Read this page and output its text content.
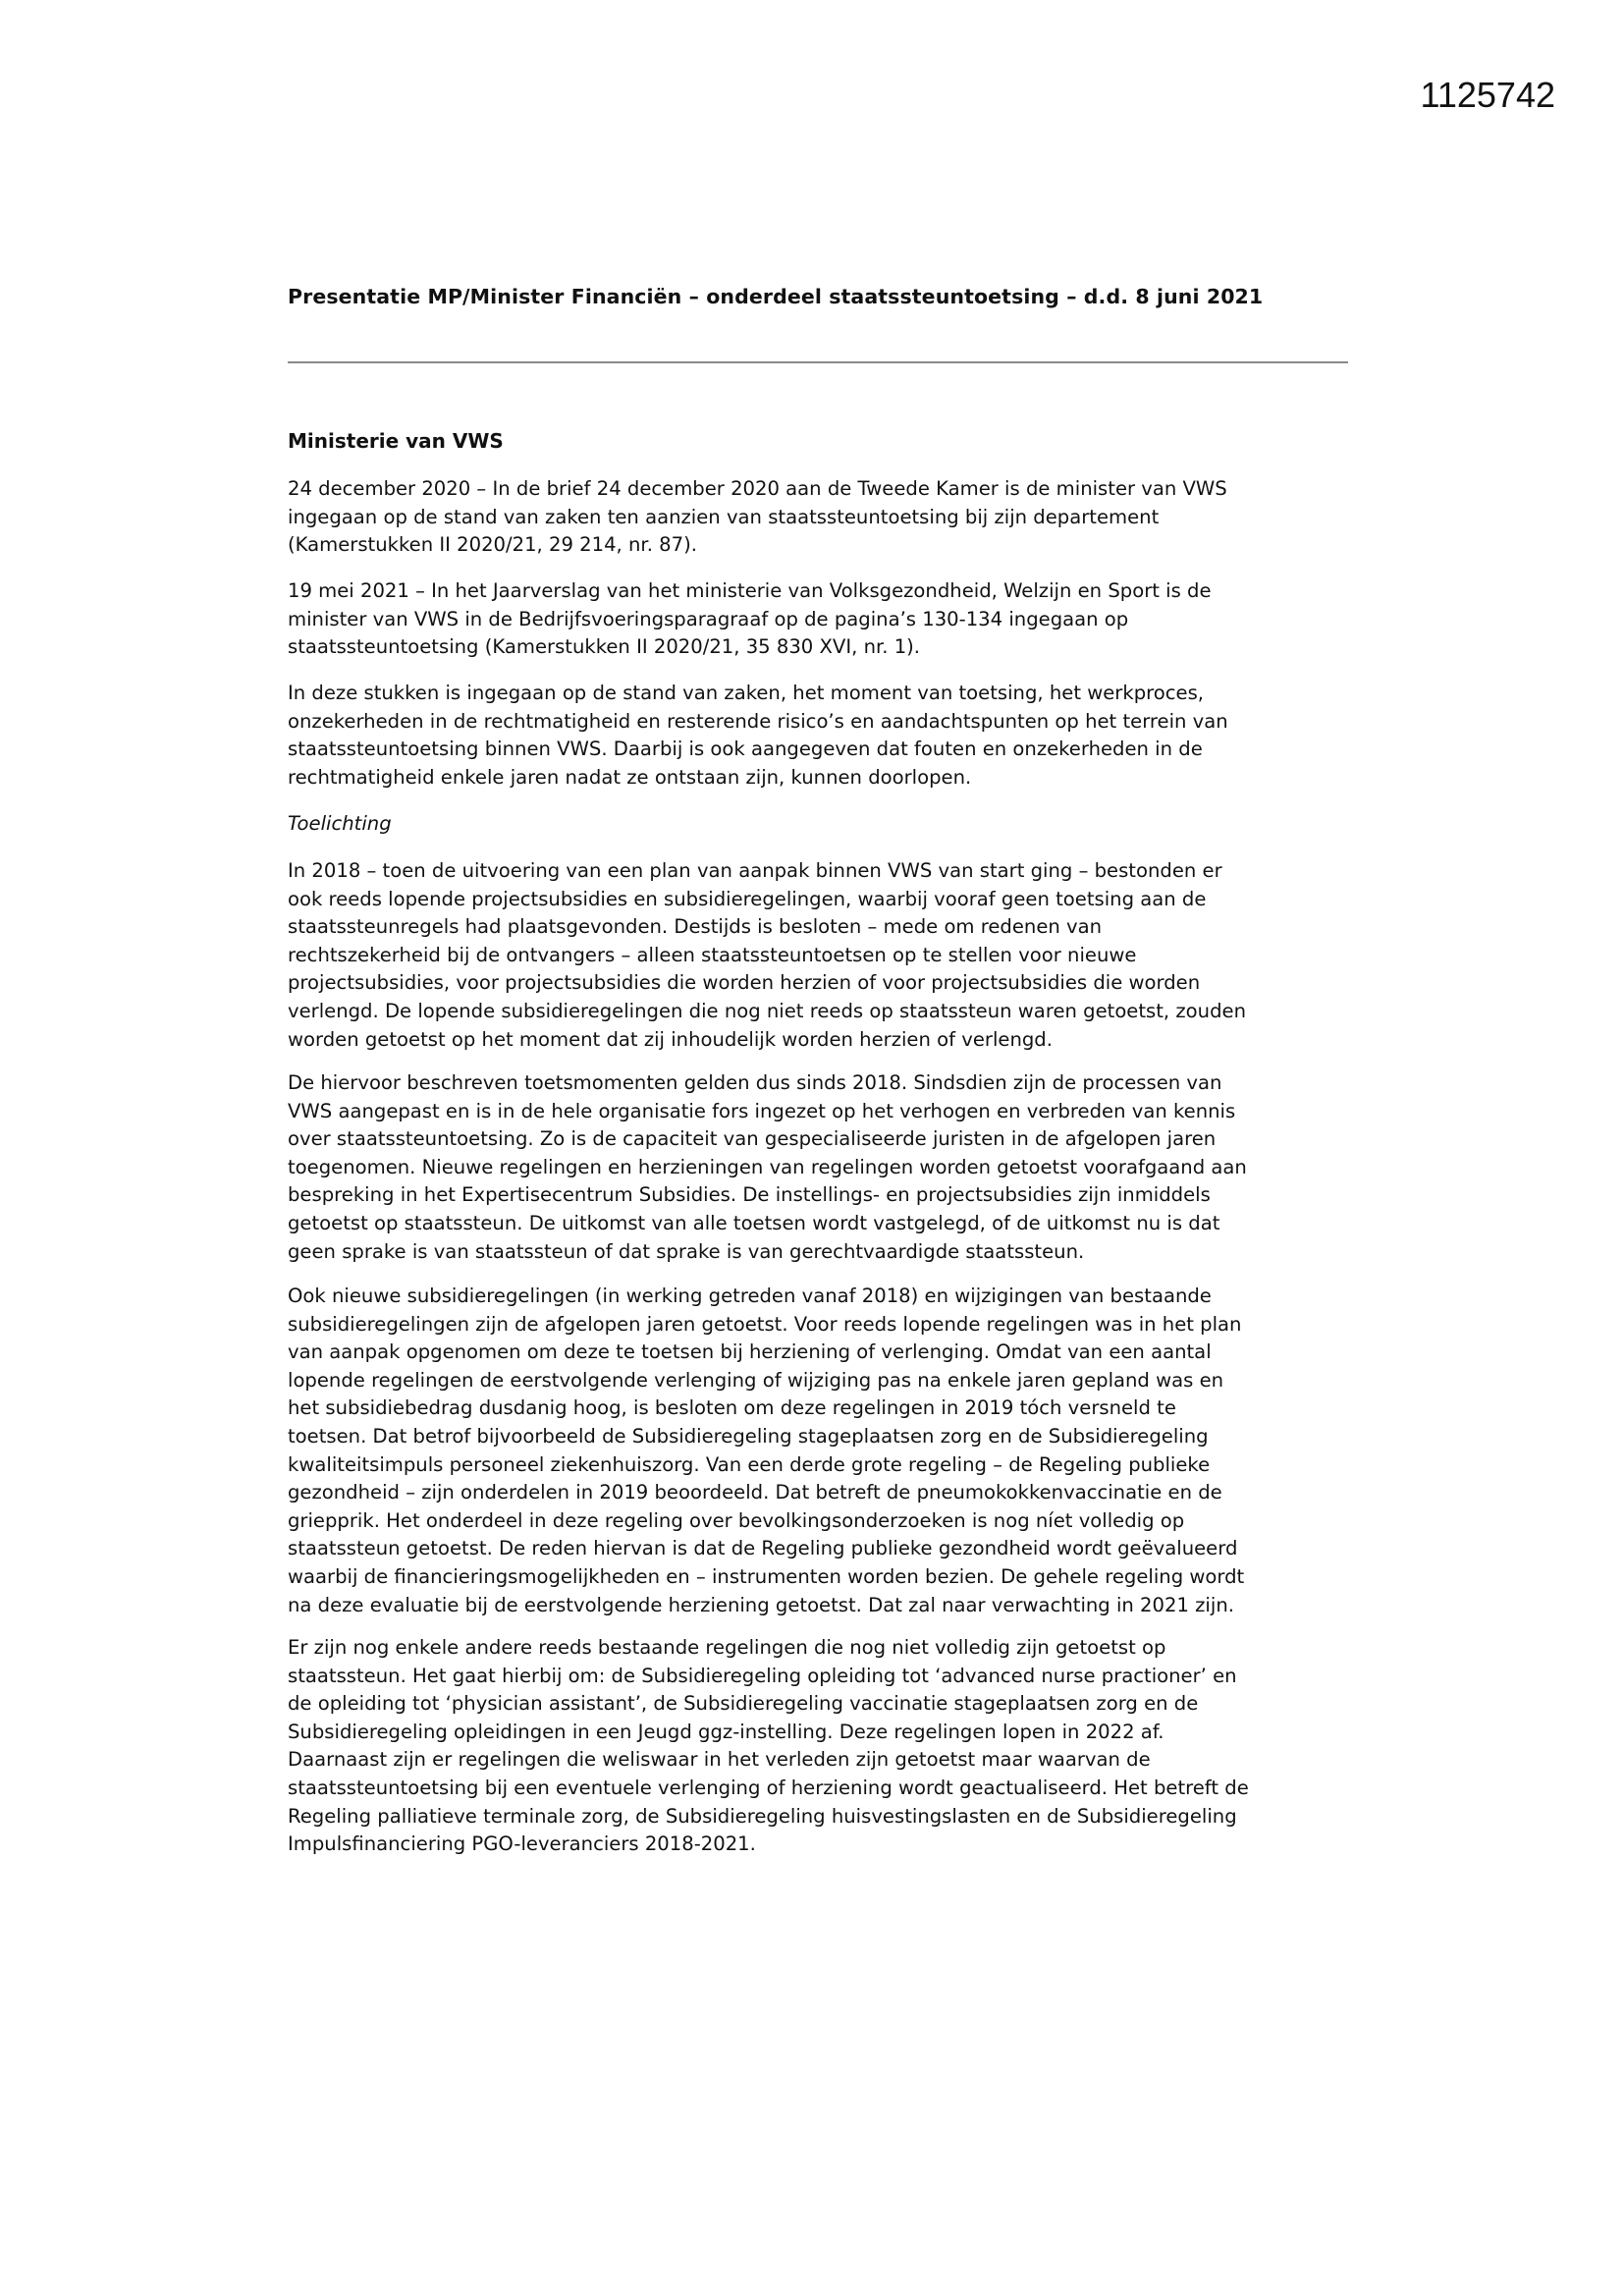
1125742
Presentatie MP/Minister Financiën – onderdeel staatssteuntoetsing – d.d. 8 juni 2021
Ministerie van VWS
24 december 2020 – In de brief 24 december 2020 aan de Tweede Kamer is de minister van VWS
ingegaan op de stand van zaken ten aanzien van staatssteuntoetsing bij zijn departement
(Kamerstukken II 2020/21, 29 214, nr. 87).
19 mei 2021 – In het Jaarverslag van het ministerie van Volksgezondheid, Welzijn en Sport is de
minister van VWS in de Bedrijfsvoeringsparagraaf op de pagina’s 130-134 ingegaan op
staatssteuntoetsing (Kamerstukken II 2020/21, 35 830 XVI, nr. 1).
In deze stukken is ingegaan op de stand van zaken, het moment van toetsing, het werkproces,
onzekerheden in de rechtmatigheid en resterende risico’s en aandachtspunten op het terrein van
staatssteuntoetsing binnen VWS. Daarbij is ook aangegeven dat fouten en onzekerheden in de
rechtmatigheid enkele jaren nadat ze ontstaan zijn, kunnen doorlopen.
Toelichting
In 2018 – toen de uitvoering van een plan van aanpak binnen VWS van start ging – bestonden er
ook reeds lopende projectsubsidies en subsidieregelingen, waarbij vooraf geen toetsing aan de
staatssteunregels had plaatsgevonden. Destijds is besloten – mede om redenen van
rechtszekerheid bij de ontvangers – alleen staatssteuntoetsen op te stellen voor nieuwe
projectsubsidies, voor projectsubsidies die worden herzien of voor projectsubsidies die worden
verlengd. De lopende subsidieregelingen die nog niet reeds op staatssteun waren getoetst, zouden
worden getoetst op het moment dat zij inhoudelijk worden herzien of verlengd.
De hiervoor beschreven toetsmomenten gelden dus sinds 2018. Sindsdien zijn de processen van
VWS aangepast en is in de hele organisatie fors ingezet op het verhogen en verbreden van kennis
over staatssteuntoetsing. Zo is de capaciteit van gespecialiseerde juristen in de afgelopen jaren
toegenomen. Nieuwe regelingen en herzieningen van regelingen worden getoetst voorafgaand aan
bespreking in het Expertisecentrum Subsidies. De instellings- en projectsubsidies zijn inmiddels
getoetst op staatssteun. De uitkomst van alle toetsen wordt vastgelegd, of de uitkomst nu is dat
geen sprake is van staatssteun of dat sprake is van gerechtvaardigde staatssteun.
Ook nieuwe subsidieregelingen (in werking getreden vanaf 2018) en wijzigingen van bestaande
subsidieregelingen zijn de afgelopen jaren getoetst. Voor reeds lopende regelingen was in het plan
van aanpak opgenomen om deze te toetsen bij herziening of verlenging. Omdat van een aantal
lopende regelingen de eerstvolgende verlenging of wijziging pas na enkele jaren gepland was en
het subsidiebedrag dusdanig hoog, is besloten om deze regelingen in 2019 tóch versneld te
toetsen. Dat betrof bijvoorbeeld de Subsidieregeling stageplaatsen zorg en de Subsidieregeling
kwaliteitsimpuls personeel ziekenhuiszorg. Van een derde grote regeling – de Regeling publieke
gezondheid – zijn onderdelen in 2019 beoordeeld. Dat betreft de pneumokokkenvaccinatie en de
griepprik. Het onderdeel in deze regeling over bevolkingsonderzoeken is nog níet volledig op
staatssteun getoetst. De reden hiervan is dat de Regeling publieke gezondheid wordt geëvalueerd
waarbij de financieringsmogelijkheden en – instrumenten worden bezien. De gehele regeling wordt
na deze evaluatie bij de eerstvolgende herziening getoetst. Dat zal naar verwachting in 2021 zijn.
Er zijn nog enkele andere reeds bestaande regelingen die nog niet volledig zijn getoetst op
staatssteun. Het gaat hierbij om: de Subsidieregeling opleiding tot ‘advanced nurse practioner’ en
de opleiding tot ‘physician assistant’, de Subsidieregeling vaccinatie stageplaatsen zorg en de
Subsidieregeling opleidingen in een Jeugd ggz-instelling. Deze regelingen lopen in 2022 af.
Daarnaast zijn er regelingen die weliswaar in het verleden zijn getoetst maar waarvan de
staatssteuntoetsing bij een eventuele verlenging of herziening wordt geactualiseerd. Het betreft de
Regeling palliatieve terminale zorg, de Subsidieregeling huisvestingslasten en de Subsidieregeling
Impulsfinanciering PGO-leveranciers 2018-2021.
